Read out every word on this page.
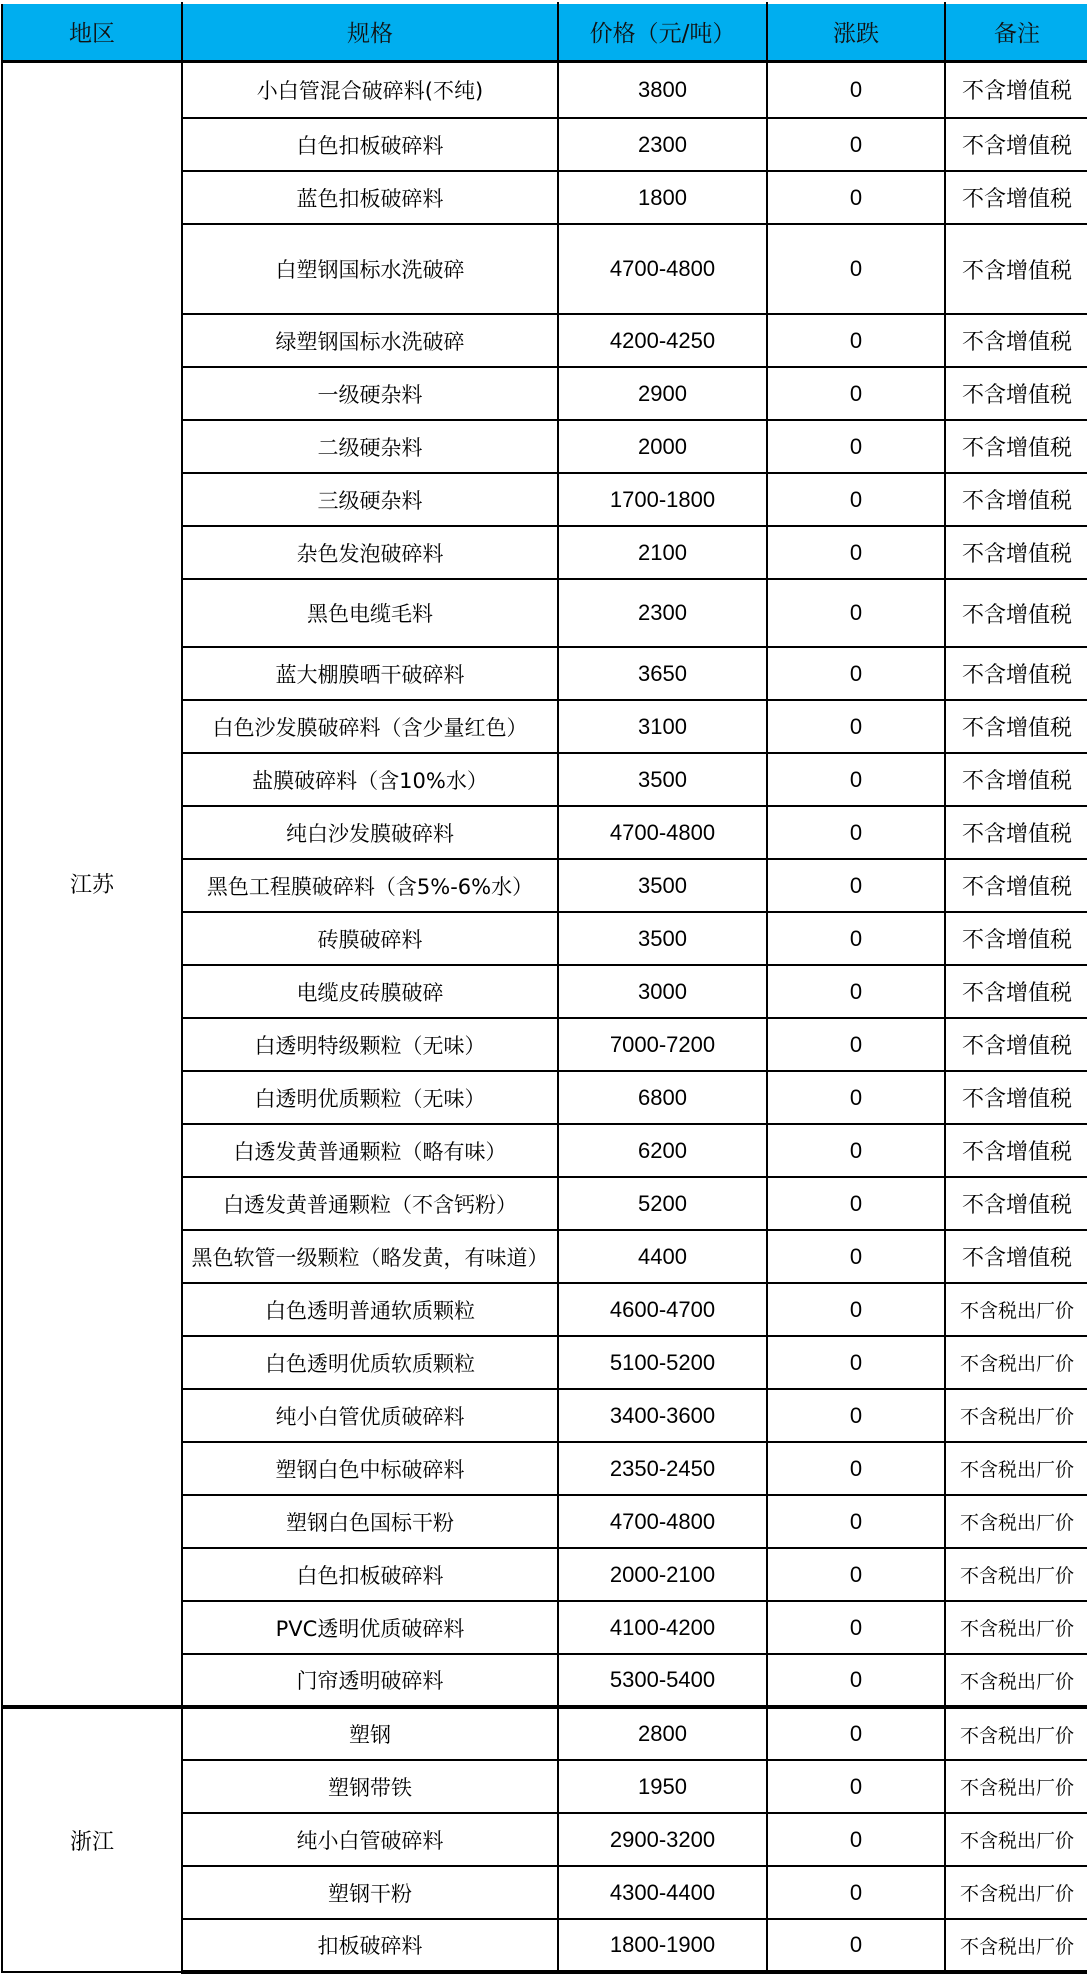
地区	规格	价格（元/吨）	涨跌	备注
江苏	小白管混合破碎料(不纯)	3800	0	不含增值税
	白色扣板破碎料	2300	0	不含增值税
	蓝色扣板破碎料	1800	0	不含增值税
	白塑钢国标水洗破碎	4700-4800	0	不含增值税
	绿塑钢国标水洗破碎	4200-4250	0	不含增值税
	一级硬杂料	2900	0	不含增值税
	二级硬杂料	2000	0	不含增值税
	三级硬杂料	1700-1800	0	不含增值税
	杂色发泡破碎料	2100	0	不含增值税
	黑色电缆毛料	2300	0	不含增值税
	蓝大棚膜晒干破碎料	3650	0	不含增值税
	白色沙发膜破碎料（含少量红色）	3100	0	不含增值税
	盐膜破碎料（含10%水）	3500	0	不含增值税
	纯白沙发膜破碎料	4700-4800	0	不含增值税
	黑色工程膜破碎料（含5%-6%水）	3500	0	不含增值税
	砖膜破碎料	3500	0	不含增值税
	电缆皮砖膜破碎	3000	0	不含增值税
	白透明特级颗粒（无味）	7000-7200	0	不含增值税
	白透明优质颗粒（无味）	6800	0	不含增值税
	白透发黄普通颗粒（略有味）	6200	0	不含增值税
	白透发黄普通颗粒（不含钙粉）	5200	0	不含增值税
	黑色软管一级颗粒（略发黄，有味道）	4400	0	不含增值税
	白色透明普通软质颗粒	4600-4700	0	不含税出厂价
	白色透明优质软质颗粒	5100-5200	0	不含税出厂价
	纯小白管优质破碎料	3400-3600	0	不含税出厂价
	塑钢白色中标破碎料	2350-2450	0	不含税出厂价
	塑钢白色国标干粉	4700-4800	0	不含税出厂价
	白色扣板破碎料	2000-2100	0	不含税出厂价
	PVC透明优质破碎料	4100-4200	0	不含税出厂价
	门帘透明破碎料	5300-5400	0	不含税出厂价
浙江	塑钢	2800	0	不含税出厂价
	塑钢带铁	1950	0	不含税出厂价
	纯小白管破碎料	2900-3200	0	不含税出厂价
	塑钢干粉	4300-4400	0	不含税出厂价
	扣板破碎料	1800-1900	0	不含税出厂价
